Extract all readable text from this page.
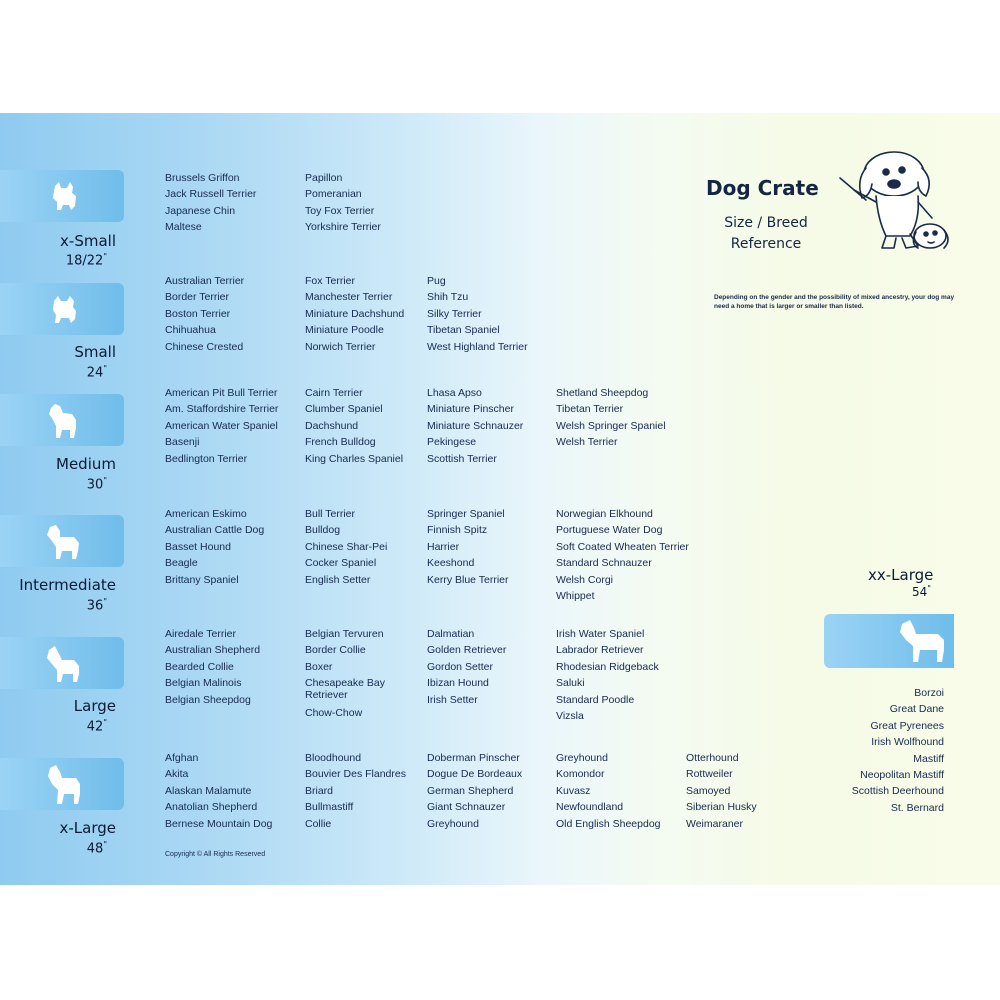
x-Small
18/22"
Small
24"
Medium
30"
Intermediate
36"
Large
42"
x-Large
48"
Brussels Griffon
Jack Russell Terrier
Japanese Chin
Maltese
Papillon
Pomeranian
Toy Fox Terrier
Yorkshire Terrier
Australian Terrier
Border Terrier
Boston Terrier
Chihuahua
Chinese Crested
Fox Terrier
Manchester Terrier
Miniature Dachshund
Miniature Poodle
Norwich Terrier
Pug
Shih Tzu
Silky Terrier
Tibetan Spaniel
West Highland Terrier
American Pit Bull Terrier
Am. Staffordshire Terrier
American Water Spaniel
Basenji
Bedlington Terrier
Cairn Terrier
Clumber Spaniel
Dachshund
French Bulldog
King Charles Spaniel
Lhasa Apso
Miniature Pinscher
Miniature Schnauzer
Pekingese
Scottish Terrier
Shetland Sheepdog
Tibetan Terrier
Welsh Springer Spaniel
Welsh Terrier
American Eskimo
Australian Cattle Dog
Basset Hound
Beagle
Brittany Spaniel
Bull Terrier
Bulldog
Chinese Shar-Pei
Cocker Spaniel
English Setter
Springer Spaniel
Finnish Spitz
Harrier
Keeshond
Kerry Blue Terrier
Norwegian Elkhound
Portuguese Water Dog
Soft Coated Wheaten Terrier
Standard Schnauzer
Welsh Corgi
Whippet
Airedale Terrier
Australian Shepherd
Bearded Collie
Belgian Malinois
Belgian Sheepdog
Belgian Tervuren
Border Collie
Boxer
Chesapeake Bay Retriever
Chow-Chow
Dalmatian
Golden Retriever
Gordon Setter
Ibizan Hound
Irish Setter
Irish Water Spaniel
Labrador Retriever
Rhodesian Ridgeback
Saluki
Standard Poodle
Vizsla
Afghan
Akita
Alaskan Malamute
Anatolian Shepherd
Bernese Mountain Dog
Bloodhound
Bouvier Des Flandres
Briard
Bullmastiff
Collie
Doberman Pinscher
Dogue De Bordeaux
German Shepherd
Giant Schnauzer
Greyhound
Greyhound
Komondor
Kuvasz
Newfoundland
Old English Sheepdog
Otterhound
Rottweiler
Samoyed
Siberian Husky
Weimaraner
Dog Crate
Size / Breed
Reference
Depending on the gender and the possibility of mixed ancestry, your dog may need a home that is larger or smaller than listed.
xx-Large
54"
Borzoi
Great Dane
Great Pyrenees
Irish Wolfhound
Mastiff
Neopolitan Mastiff
Scottish Deerhound
St. Bernard
Copyright © All Rights Reserved
